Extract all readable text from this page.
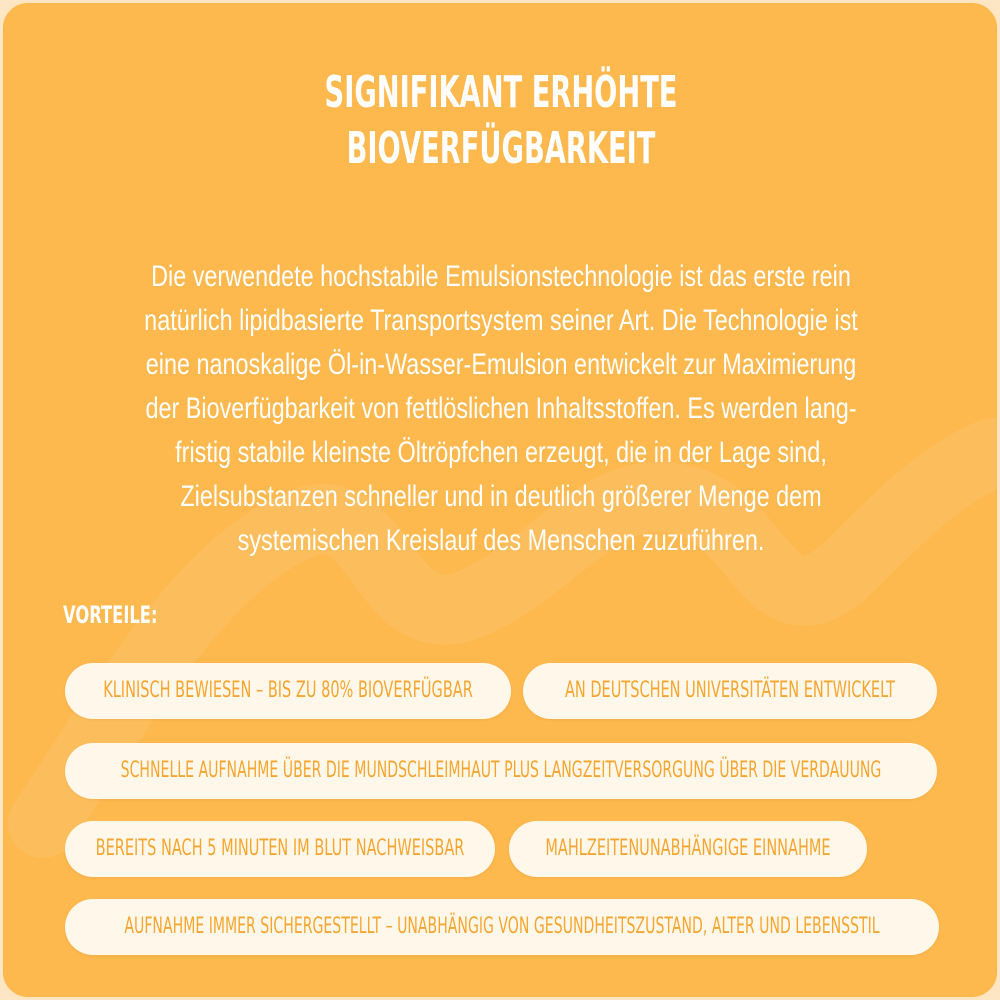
SIGNIFIKANT ERHÖHTE
BIOVERFÜGBARKEIT
Die verwendete hochstabile Emulsionstechnologie ist das erste rein
natürlich lipidbasierte Transportsystem seiner Art. Die Technologie ist
eine nanoskalige Öl-in-Wasser-Emulsion entwickelt zur Maximierung
der Bioverfügbarkeit von fettlöslichen Inhaltsstoffen. Es werden lang-
fristig stabile kleinste Öltröpfchen erzeugt, die in der Lage sind,
Zielsubstanzen schneller und in deutlich größerer Menge dem
systemischen Kreislauf des Menschen zuzuführen.
VORTEILE:
KLINISCH BEWIESEN – BIS ZU 80% BIOVERFÜGBAR	AN DEUTSCHEN UNIVERSITÄTEN ENTWICKELT
SCHNELLE AUFNAHME ÜBER DIE MUNDSCHLEIMHAUT PLUS LANGZEITVERSORGUNG ÜBER DIE VERDAUUNG
BEREITS NACH 5 MINUTEN IM BLUT NACHWEISBAR	MAHLZEITENUNABHÄNGIGE EINNAHME
AUFNAHME IMMER SICHERGESTELLT – UNABHÄNGIG VON GESUNDHEITSZUSTAND, ALTER UND LEBENSSTIL
